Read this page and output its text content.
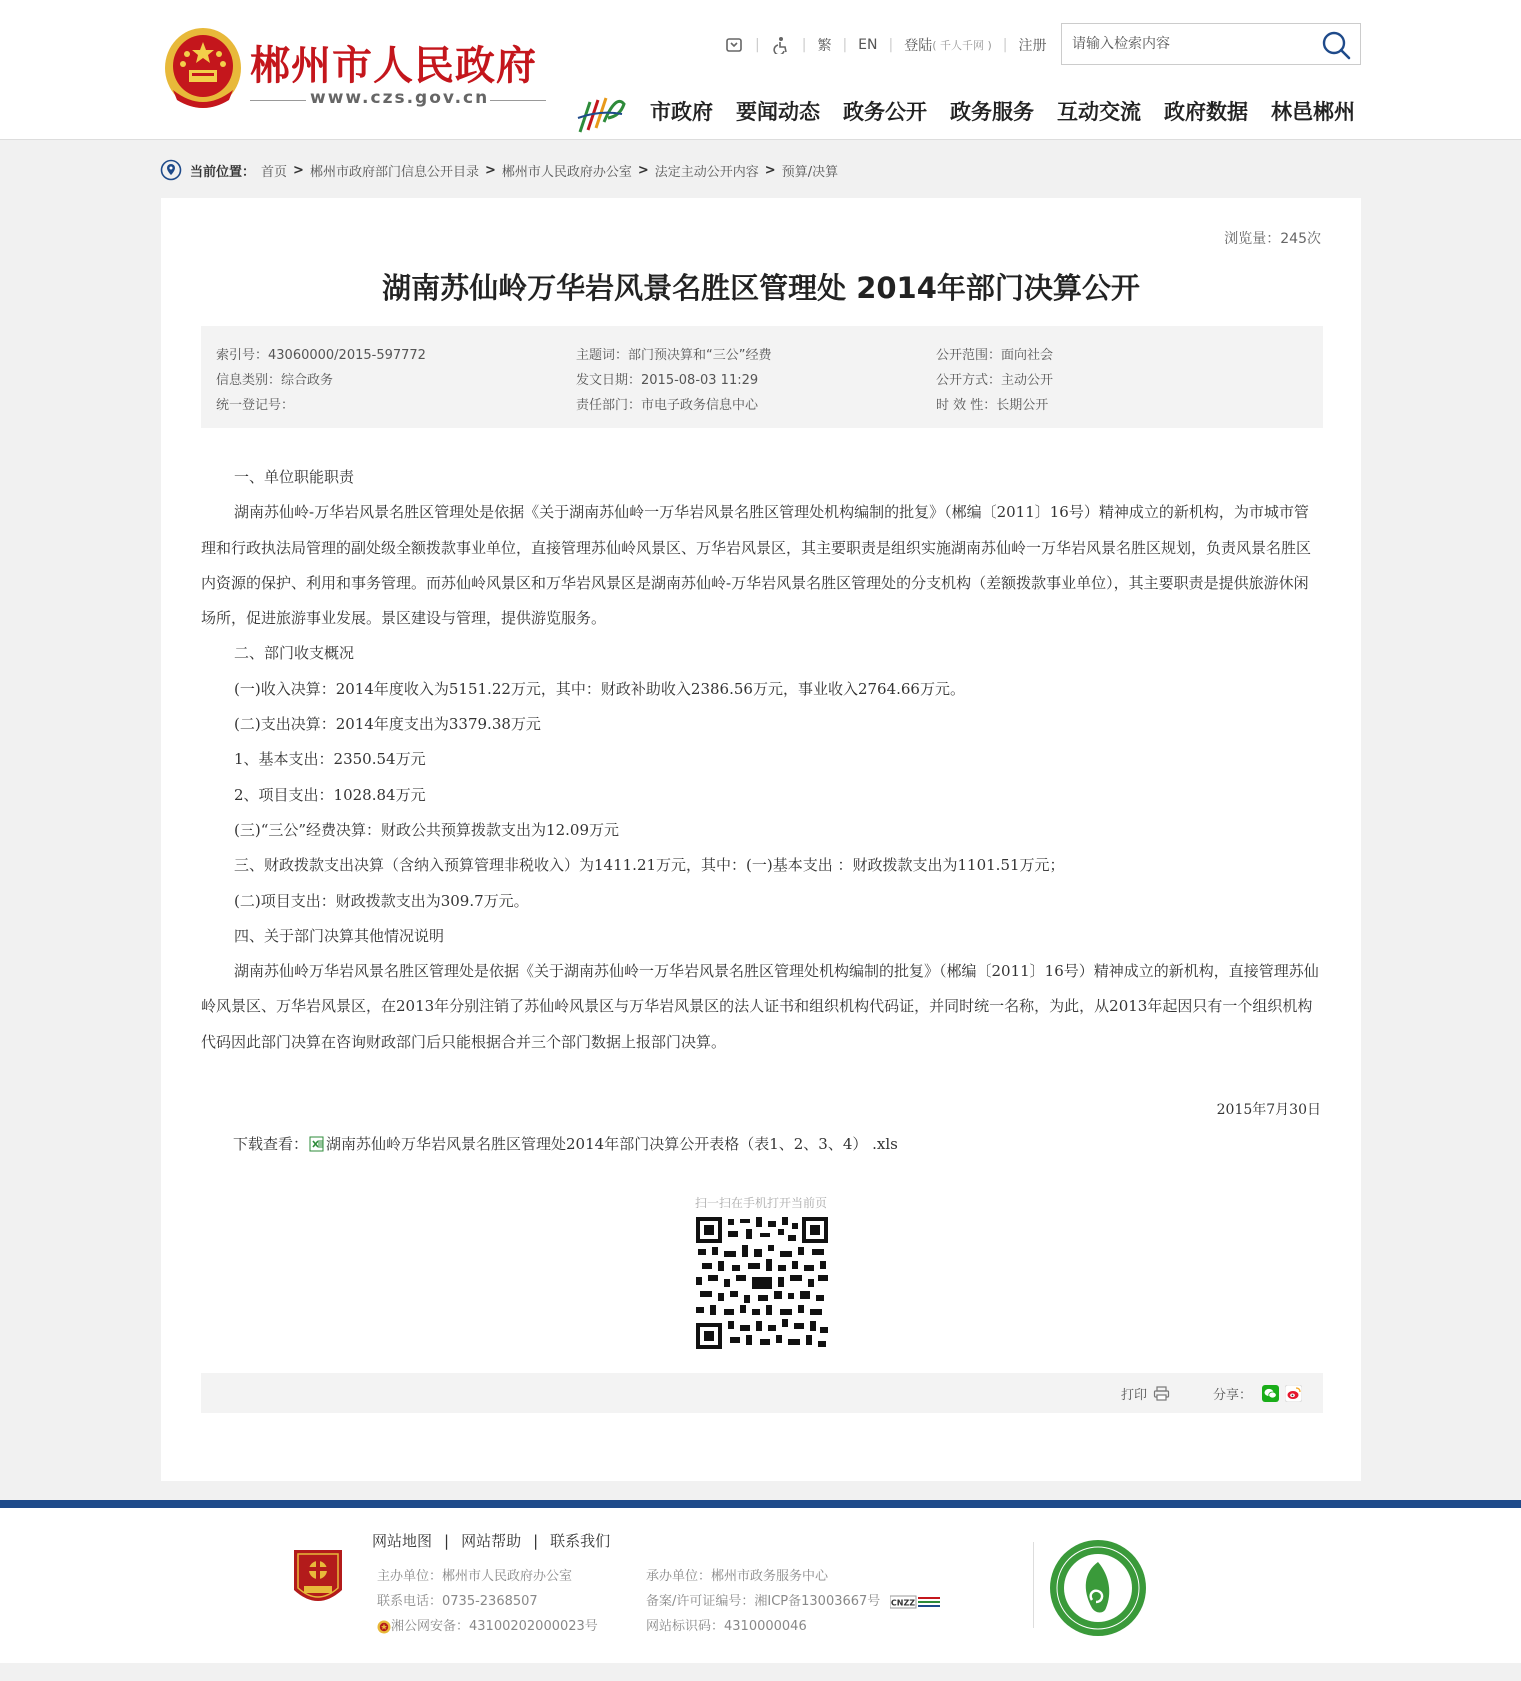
郴州市人民政府
www.czs.gov.cn
|	| 繁 | EN | 登陆 ( 千人千网 ) | 注册
请输入检索内容
市政府 要闻动态 政务公开 政务服务 互动交流 政府数据 林邑郴州
当前位置： 首页 > 郴州市政府部门信息公开目录 > 郴州市人民政府办公室 > 法定主动公开内容 > 预算/决算
浏览量：245次
湖南苏仙岭万华岩风景名胜区管理处 2014年部门决算公开
索引号：43060000/2015-597772
信息类别：综合政务
统一登记号：
主题词：部门预决算和“三公”经费
发文日期：2015-08-03 11:29
责任部门：市电子政务信息中心
公开范围：面向社会
公开方式：主动公开
时 效 性：长期公开

一、单位职能职责

湖南苏仙岭-万华岩风景名胜区管理处是依据《关于湖南苏仙岭一万华岩风景名胜区管理处机构编制的批复》（郴编〔2011〕16号）精神成立的新机构，为市城市管理和行政执法局管理的副处级全额拨款事业单位，直接管理苏仙岭风景区、万华岩风景区，其主要职责是组织实施湖南苏仙岭一万华岩风景名胜区规划，负责风景名胜区内资源的保护、利用和事务管理。而苏仙岭风景区和万华岩风景区是湖南苏仙岭-万华岩风景名胜区管理处的分支机构（差额拨款事业单位），其主要职责是提供旅游休闲场所，促进旅游事业发展。景区建设与管理，提供游览服务。

二、部门收支概况

(一)收入决算：2014年度收入为5151.22万元，其中：财政补助收入2386.56万元，事业收入2764.66万元。

(二)支出决算：2014年度支出为3379.38万元

1、基本支出：2350.54万元

2、项目支出：1028.84万元

(三)“三公”经费决算：财政公共预算拨款支出为12.09万元

三、财政拨款支出决算（含纳入预算管理非税收入）为1411.21万元，其中：(一)基本支出 ：财政拨款支出为1101.51万元；

(二)项目支出：财政拨款支出为309.7万元。

四、关于部门决算其他情况说明

湖南苏仙岭万华岩风景名胜区管理处是依据《关于湖南苏仙岭一万华岩风景名胜区管理处机构编制的批复》（郴编〔2011〕16号）精神成立的新机构，直接管理苏仙岭风景区、万华岩风景区，在2013年分别注销了苏仙岭风景区与万华岩风景区的法人证书和组织机构代码证，并同时统一名称，为此，从2013年起因只有一个组织机构代码因此部门决算在咨询财政部门后只能根据合并三个部门数据上报部门决算。

2015年7月30日
下载查看： 湖南苏仙岭万华岩风景名胜区管理处2014年部门决算公开表格（表1、2、3、4） .xls
扫一扫在手机打开当前页
打印	分享：
网站地图 | 网站帮助 | 联系我们
主办单位：郴州市人民政府办公室
联系电话：0735-2368507
湘公网安备：43100202000023号
承办单位：郴州市政务服务中心
备案/许可证编号：湘ICP备13003667号 CNZZ
网站标识码：4310000046
